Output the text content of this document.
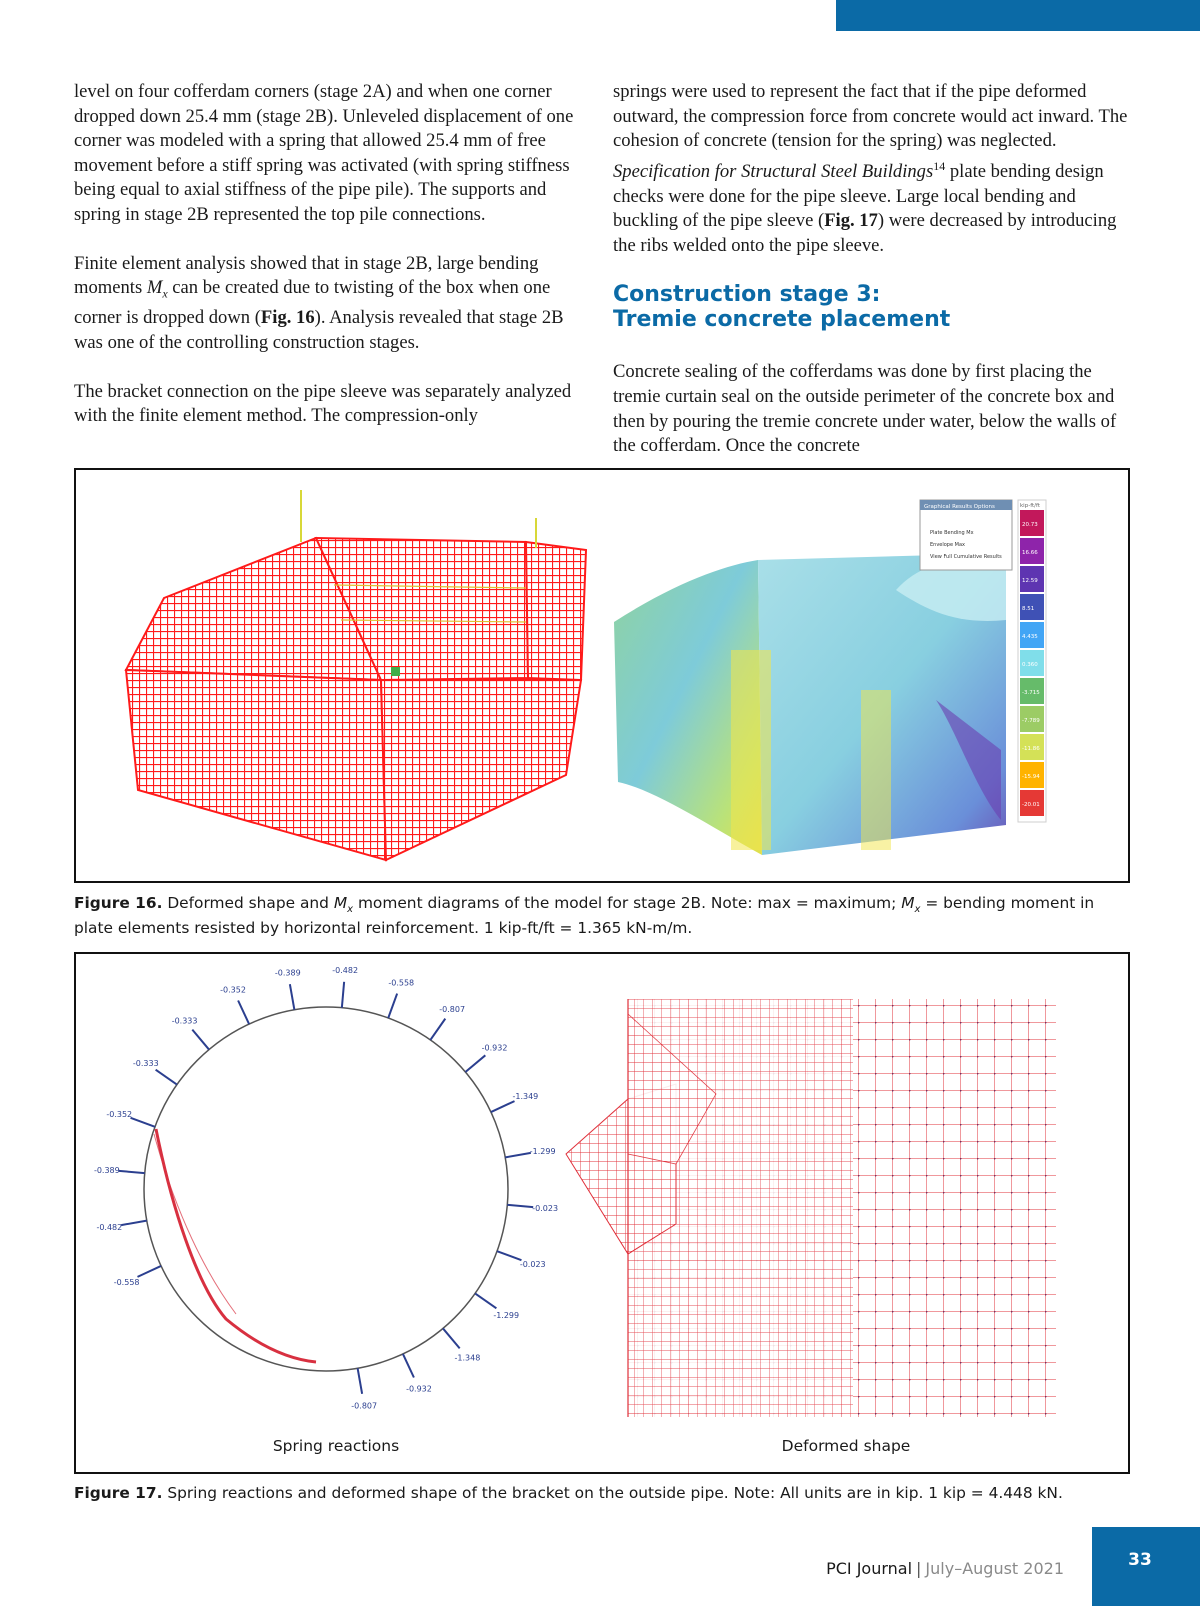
level on four cofferdam corners (stage 2A) and when one corner dropped down 25.4 mm (stage 2B). Unleveled displacement of one corner was modeled with a spring that allowed 25.4 mm of free movement before a stiff spring was activated (with spring stiffness being equal to axial stiffness of the pipe pile). The supports and spring in stage 2B represented the top pile connections.

Finite element analysis showed that in stage 2B, large bending moments $M_x$ can be created due to twisting of the box when one corner is dropped down (Fig. 16). Analysis revealed that stage 2B was one of the controlling construction stages.

The bracket connection on the pipe sleeve was separately analyzed with the finite element method. The compression-only

springs were used to represent the fact that if the pipe deformed outward, the compression force from concrete would act inward. The cohesion of concrete (tension for the spring) was neglected. Specification for Structural Steel Buildings$^{14}$ plate bending design checks were done for the pipe sleeve. Large local bending and buckling of the pipe sleeve (Fig. 17) were decreased by introducing the ribs welded onto the pipe sleeve.

Construction stage 3:
Tremie concrete placement

Concrete sealing of the cofferdams was done by first placing the tremie curtain seal on the outside perimeter of the concrete box and then by pouring the tremie concrete under water, below the walls of the cofferdam. Once the concrete

Graphical Results Options
Plate Bending Mx
Envelope Max
View Full Cumulative Results
kip-ft/ft
20.73
16.66
12.59
8.51
4.435
0.360
-3.715
-7.789
-11.86
-15.94
-20.01
Figure 16. Deformed shape and $M_x$ moment diagrams of the model for stage 2B. Note: max = maximum; $M_x$ = bending moment in plate elements resisted by horizontal reinforcement. 1 kip-ft/ft = 1.365 kN-m/m.
-0.558
-0.482
-0.389
-0.352
-0.333
-0.333
-0.352
-0.389	-0.482
-0.558
-0.807
-0.932
-1.349
-1.299
-0.023
-0.023
-1.299
-1.348
-0.932
-0.807
Spring reactions	Deformed shape
Figure 17. Spring reactions and deformed shape of the bracket on the outside pipe. Note: All units are in kip. 1 kip = 4.448 kN.
PCI Journal | July–August 2021	33
